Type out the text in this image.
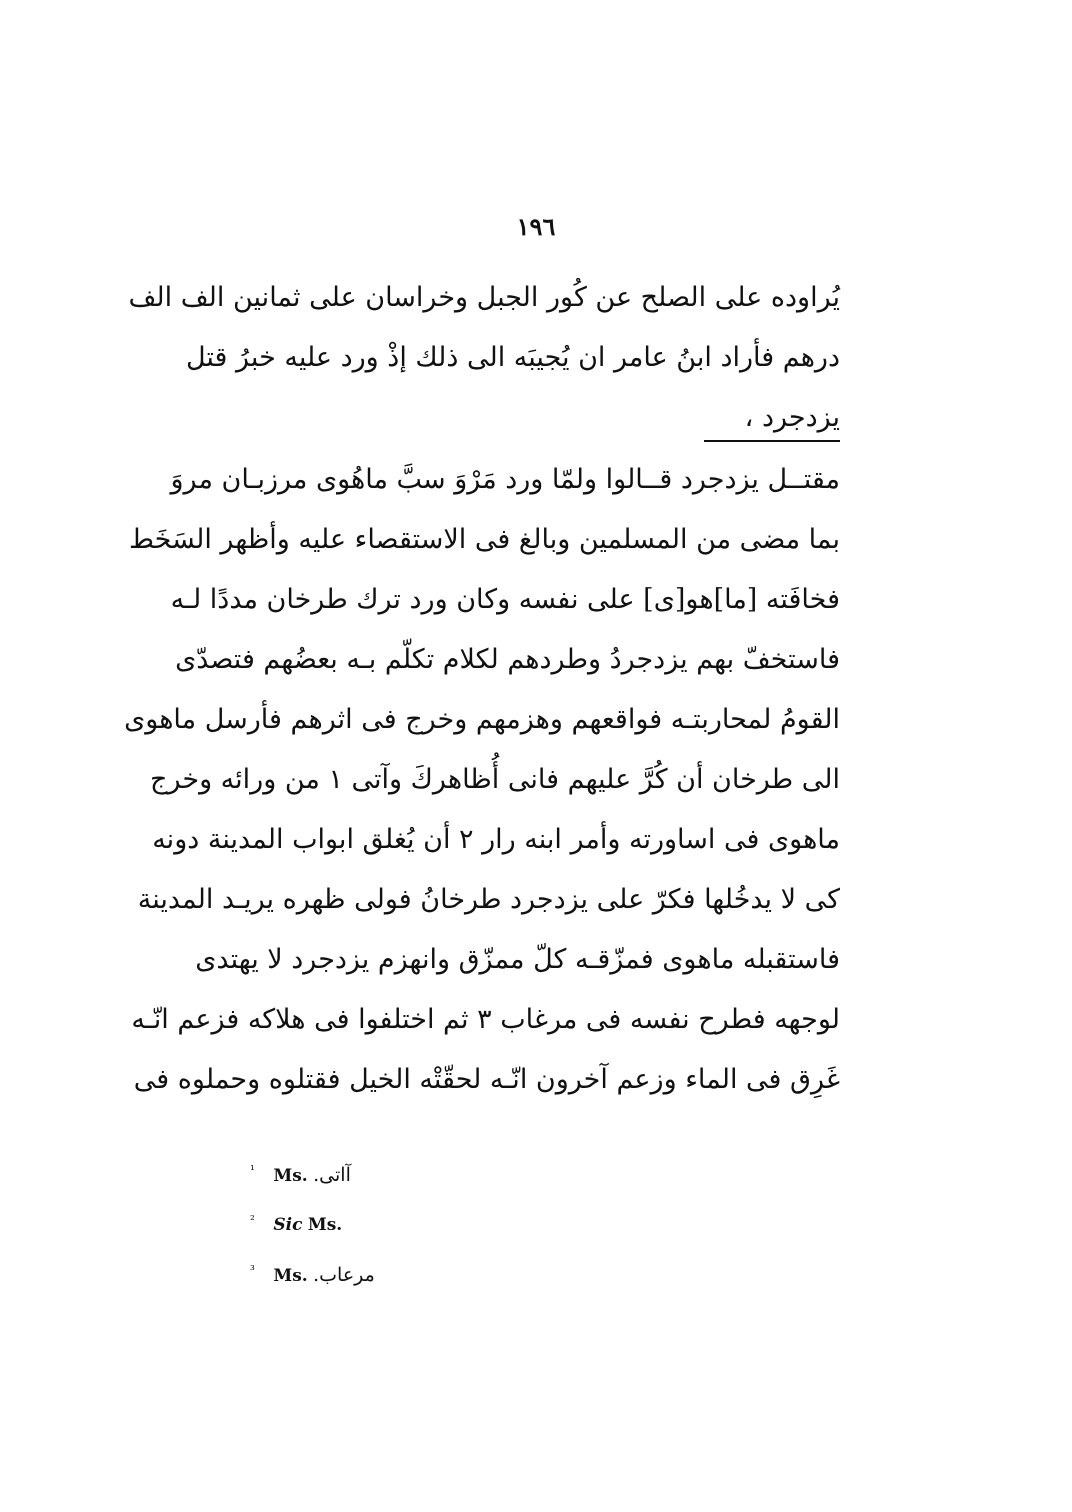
١٩٦
يُراوده على الصلح عن كُور الجبل وخراسان على ثمانين الف الف
درهم فأراد ابنُ عامر ان يُجيبَه الى ذلك إذْ ورد عليه خبرُ قتل
يزدجرد ،
مقتــل يزدجرد قــالوا ولمّا ورد مَرْوَ سبَّ ماهُوى مرزبـان مروَ
بما مضى من المسلمين وبالغ فى الاستقصاء عليه وأظهر السَخَط
فخافَته [ما]هو[ى] على نفسه وكان ورد ترك طرخان مددًا لـه
فاستخفّ بهم يزدجردُ وطردهم لكلام تكلّم بـه بعضُهم فتصدّى
القومُ لمحاربتـه فواقعهم وهزمهم وخرج فى اثرهم فأرسل ماهوى
الى طرخان أن كُرَّ عليهم فانى أُظاهركَ وآتى ١ من ورائه وخرج
ماهوى فى اساورته وأمر ابنه رار ٢ أن يُغلق ابواب المدينة دونه
كى لا يدخُلها فكرّ على يزدجرد طرخانُ فولى ظهره يريـد المدينة
فاستقبله ماهوى فمزّقـه كلّ ممزّق وانهزم يزدجرد لا يهتدى
لوجهه فطرح نفسه فى مرغاب ٣ ثم اختلفوا فى هلاكه فزعم انّـه
غَرِق فى الماء وزعم آخرون انّـه لحقّتْه الخيل فقتلوه وحملوه فى
¹ Ms. آاتى.
² Sic Ms.
³ Ms. مرعاب.
